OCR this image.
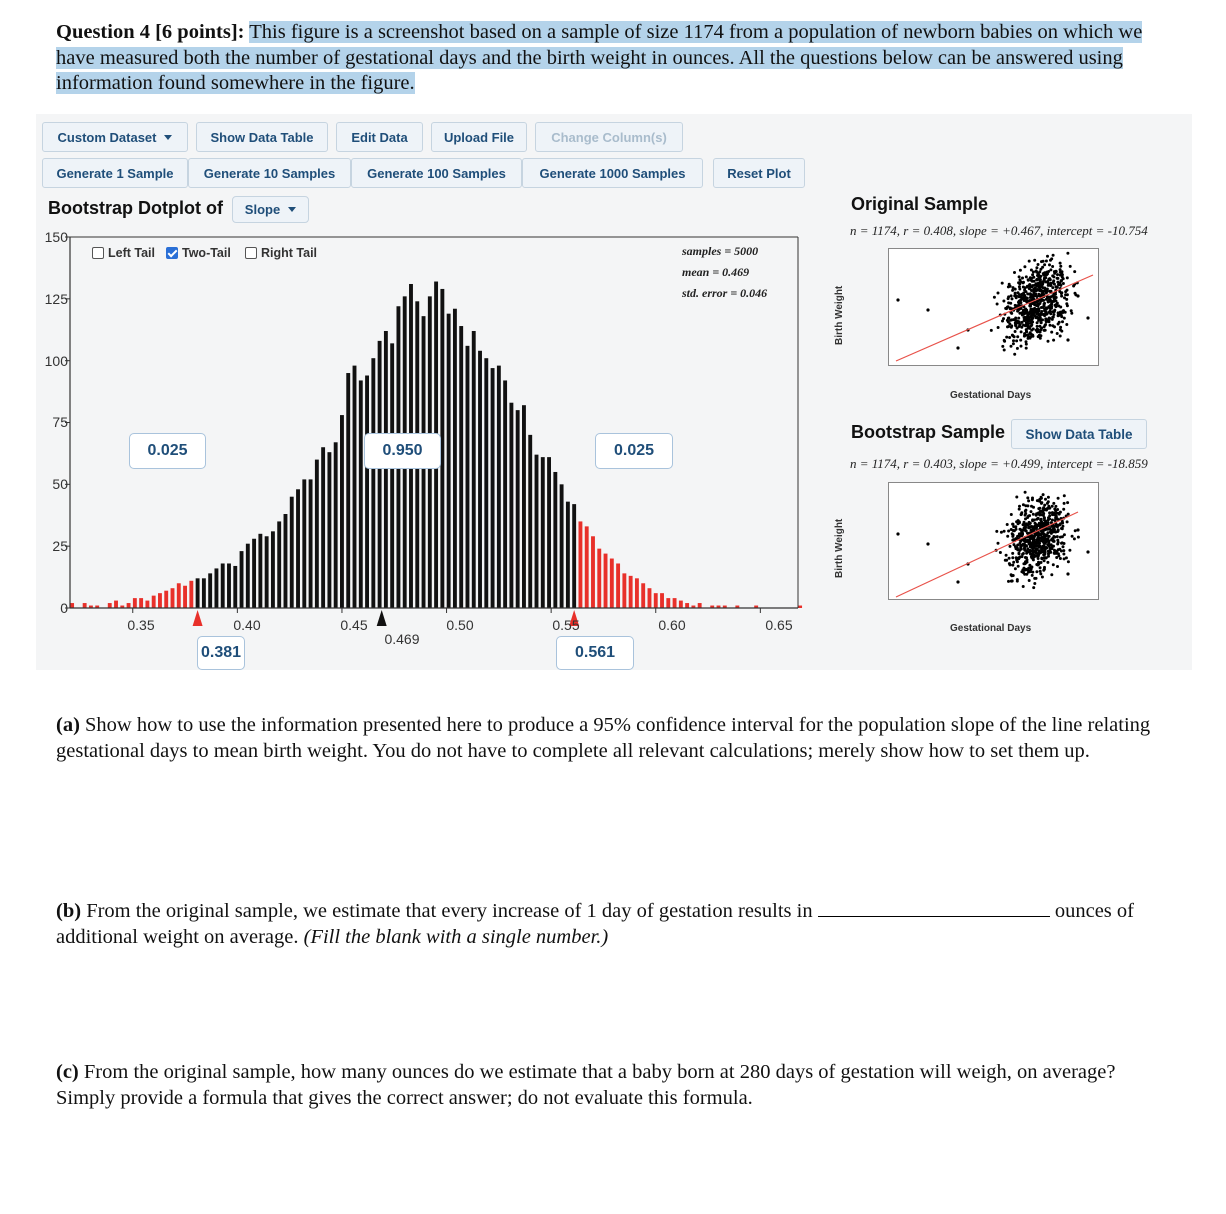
Question 4 [6 points]: This figure is a screenshot based on a sample of size 1174 from a population of newborn babies on which we have measured both the number of gestational days and the birth weight in ounces. All the questions below can be answered using information found somewhere in the figure.
Custom Dataset	Show Data Table	Edit Data	Upload File	Change Column(s)
Generate 1 Sample	Generate 10 Samples	Generate 100 Samples	Generate 1000 Samples	Reset Plot
Bootstrap Dotplot of Slope
150
125
100
75
50
25
0
0.35	0.40	0.45	0.50	0.55	0.60	0.65
Left Tail Two-Tail Right Tail	samples = 5000
mean = 0.469
std. error = 0.046
0.025	0.950	0.025
0.381	0.561
0.469
Original Sample
n = 1174, r = 0.408, slope = +0.467, intercept = -10.754
Birth Weight
Gestational Days
Bootstrap Sample	Show Data Table
n = 1174, r = 0.403, slope = +0.499, intercept = -18.859
Birth Weight
Gestational Days
(a) Show how to use the information presented here to produce a 95% confidence interval for the population slope of the line relating gestational days to mean birth weight. You do not have to complete all relevant calculations; merely show how to set them up.
(b) From the original sample, we estimate that every increase of 1 day of gestation results in	ounces of additional weight on average. (Fill the blank with a single number.)
(c) From the original sample, how many ounces do we estimate that a baby born at 280 days of gestation will weigh, on average? Simply provide a formula that gives the correct answer; do not evaluate this formula.
